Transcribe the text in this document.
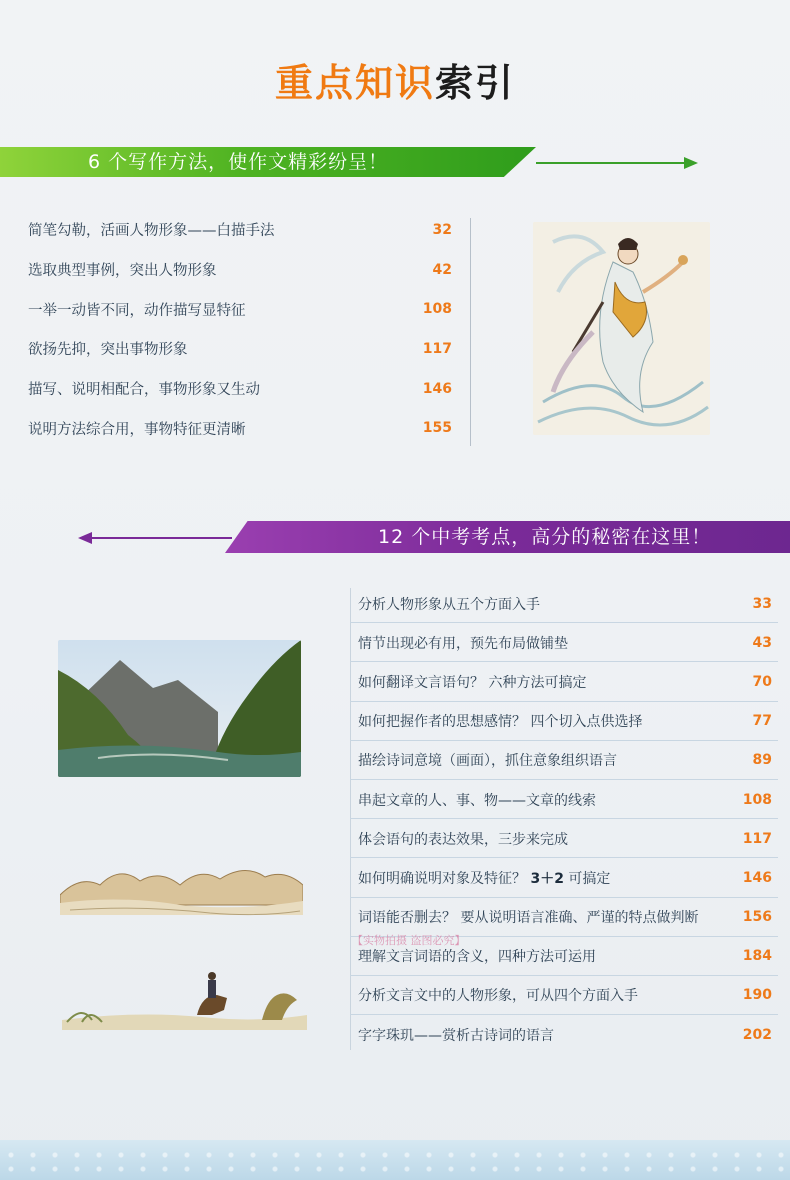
重点知识索引
6 个写作方法，使作文精彩纷呈！
简笔勾勒，活画人物形象——白描手法	32
选取典型事例，突出人物形象	42
一举一动皆不同，动作描写显特征	108
欲扬先抑，突出事物形象	117
描写、说明相配合，事物形象又生动	146
说明方法综合用，事物特征更清晰	155
12 个中考考点，高分的秘密在这里！
分析人物形象从五个方面入手	33
情节出现必有用，预先布局做铺垫	43
如何翻译文言语句？ 六种方法可搞定	70
如何把握作者的思想感情？ 四个切入点供选择	77
描绘诗词意境（画面），抓住意象组织语言	89
串起文章的人、事、物——文章的线索	108
体会语句的表达效果，三步来完成	117
如何明确说明对象及特征？ 3＋2 可搞定	146
词语能否删去？ 要从说明语言准确、严谨的特点做判断	156
理解文言词语的含义，四种方法可运用	184
分析文言文中的人物形象，可从四个方面入手	190
字字珠玑——赏析古诗词的语言	202
【实物拍摄 盗图必究】
